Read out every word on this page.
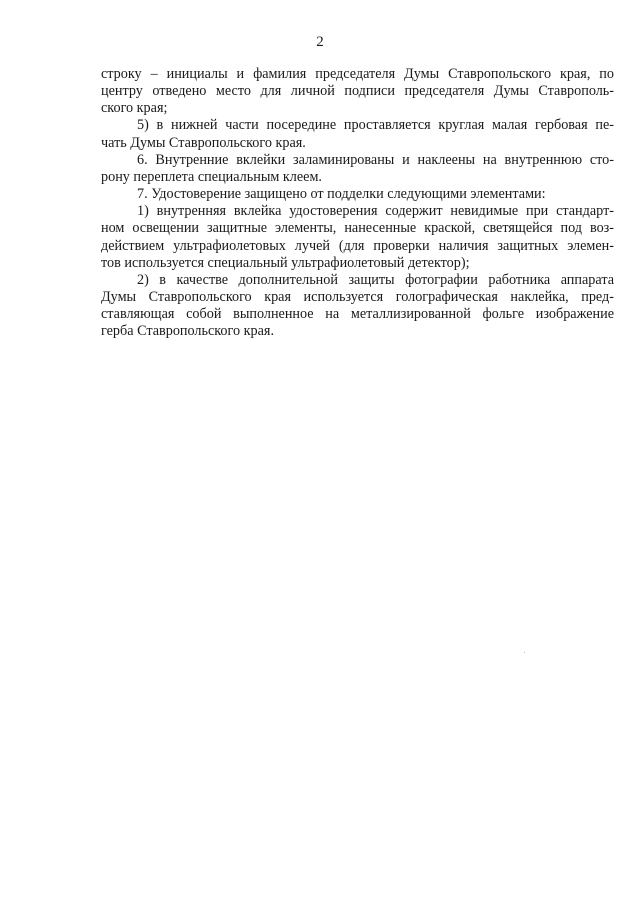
2
строку – инициалы и фамилия председателя Думы Ставропольского края, по
центру отведено место для личной подписи председателя Думы Ставрополь-
ского края;
5) в нижней части посередине проставляется круглая малая гербовая пе-
чать Думы Ставропольского края.
6. Внутренние вклейки заламинированы и наклеены на внутреннюю сто-
рону переплета специальным клеем.
7. Удостоверение защищено от подделки следующими элементами:
1) внутренняя вклейка удостоверения содержит невидимые при стандарт-
ном освещении защитные элементы, нанесенные краской, светящейся под воз-
действием ультрафиолетовых лучей (для проверки наличия защитных элемен-
тов используется специальный ультрафиолетовый детектор);
2) в качестве дополнительной защиты фотографии работника аппарата
Думы Ставропольского края используется голографическая наклейка, пред-
ставляющая собой выполненное на металлизированной фольге изображение
герба Ставропольского края.
